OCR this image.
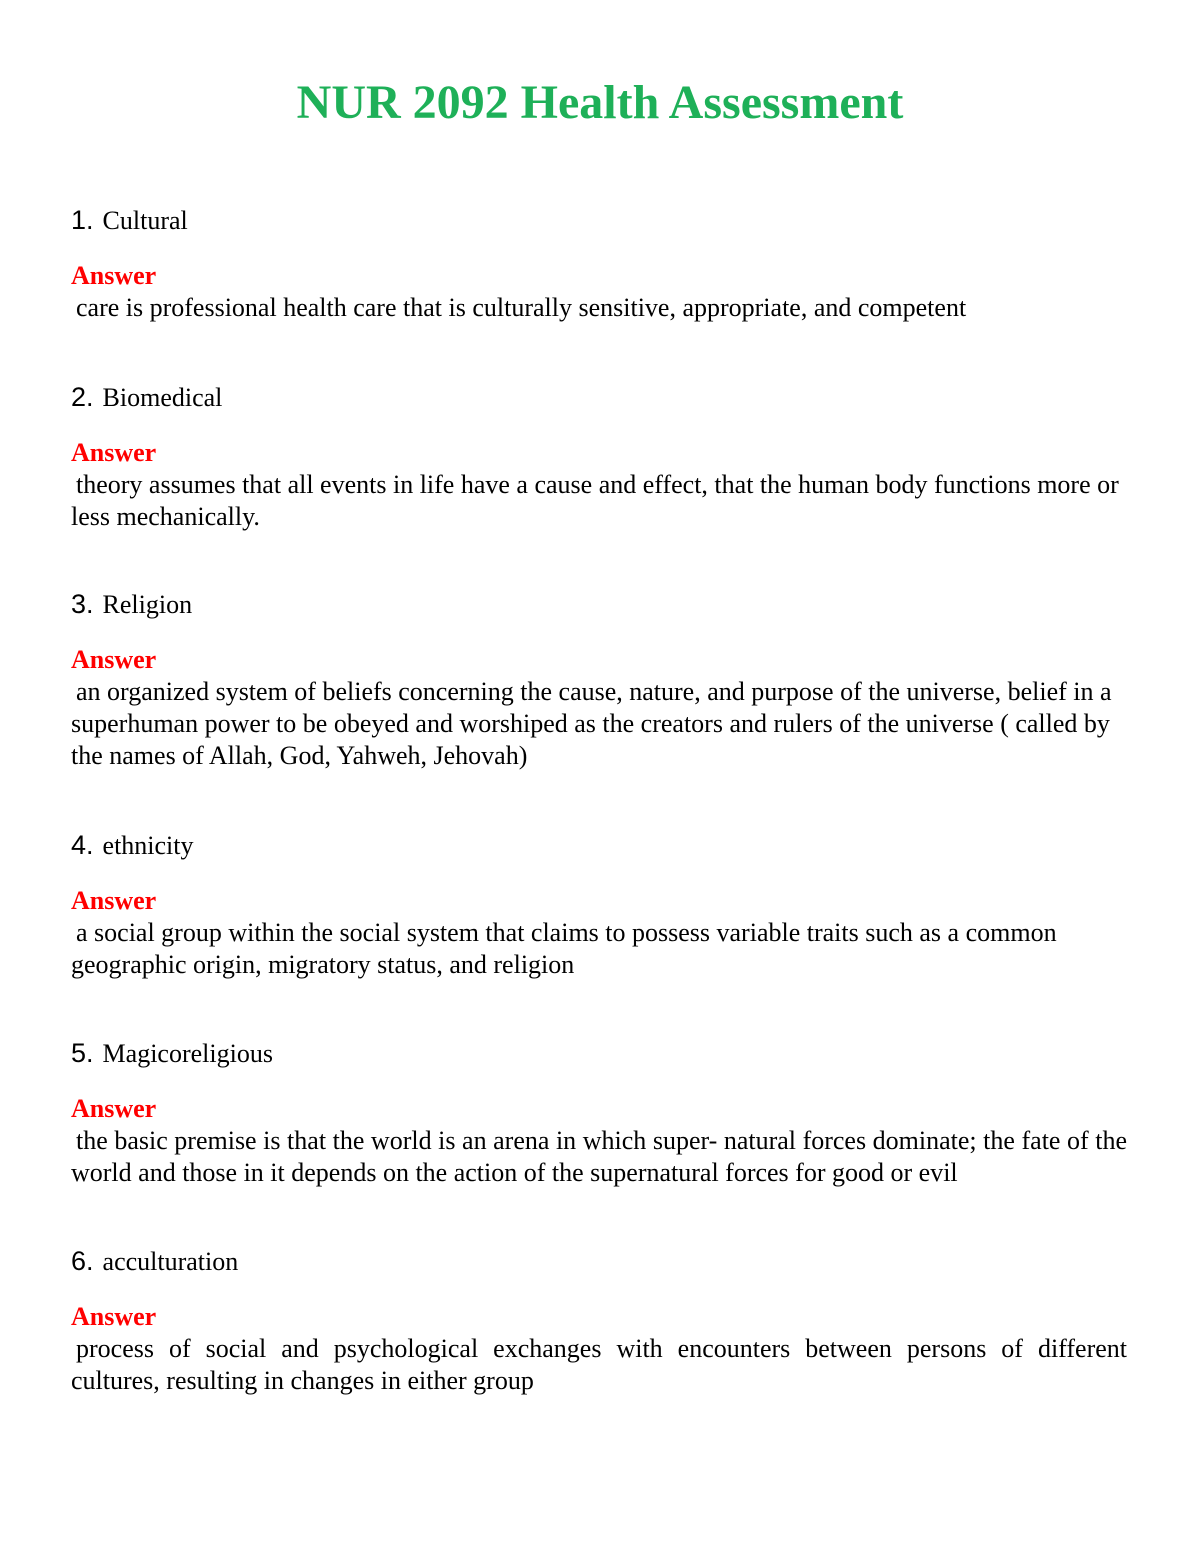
NUR 2092 Health Assessment
1. Cultural
Answer
care is professional health care that is culturally sensitive, appropriate, and competent
2. Biomedical
Answer
theory assumes that all events in life have a cause and effect, that the human body functions more or less mechanically.
3. Religion
Answer
an organized system of beliefs concerning the cause, nature, and purpose of the universe, belief in a superhuman power to be obeyed and worshiped as the creators and rulers of the universe ( called by the names of Allah, God, Yahweh, Jehovah)
4. ethnicity
Answer
a social group within the social system that claims to possess variable traits such as a common geographic origin, migratory status, and religion
5. Magicoreligious
Answer
the basic premise is that the world is an arena in which super- natural forces dominate; the fate of the world and those in it depends on the action of the supernatural forces for good or evil
6. acculturation
Answer
process of social and psychological exchanges with encounters between persons of different cultures, resulting in changes in either group
